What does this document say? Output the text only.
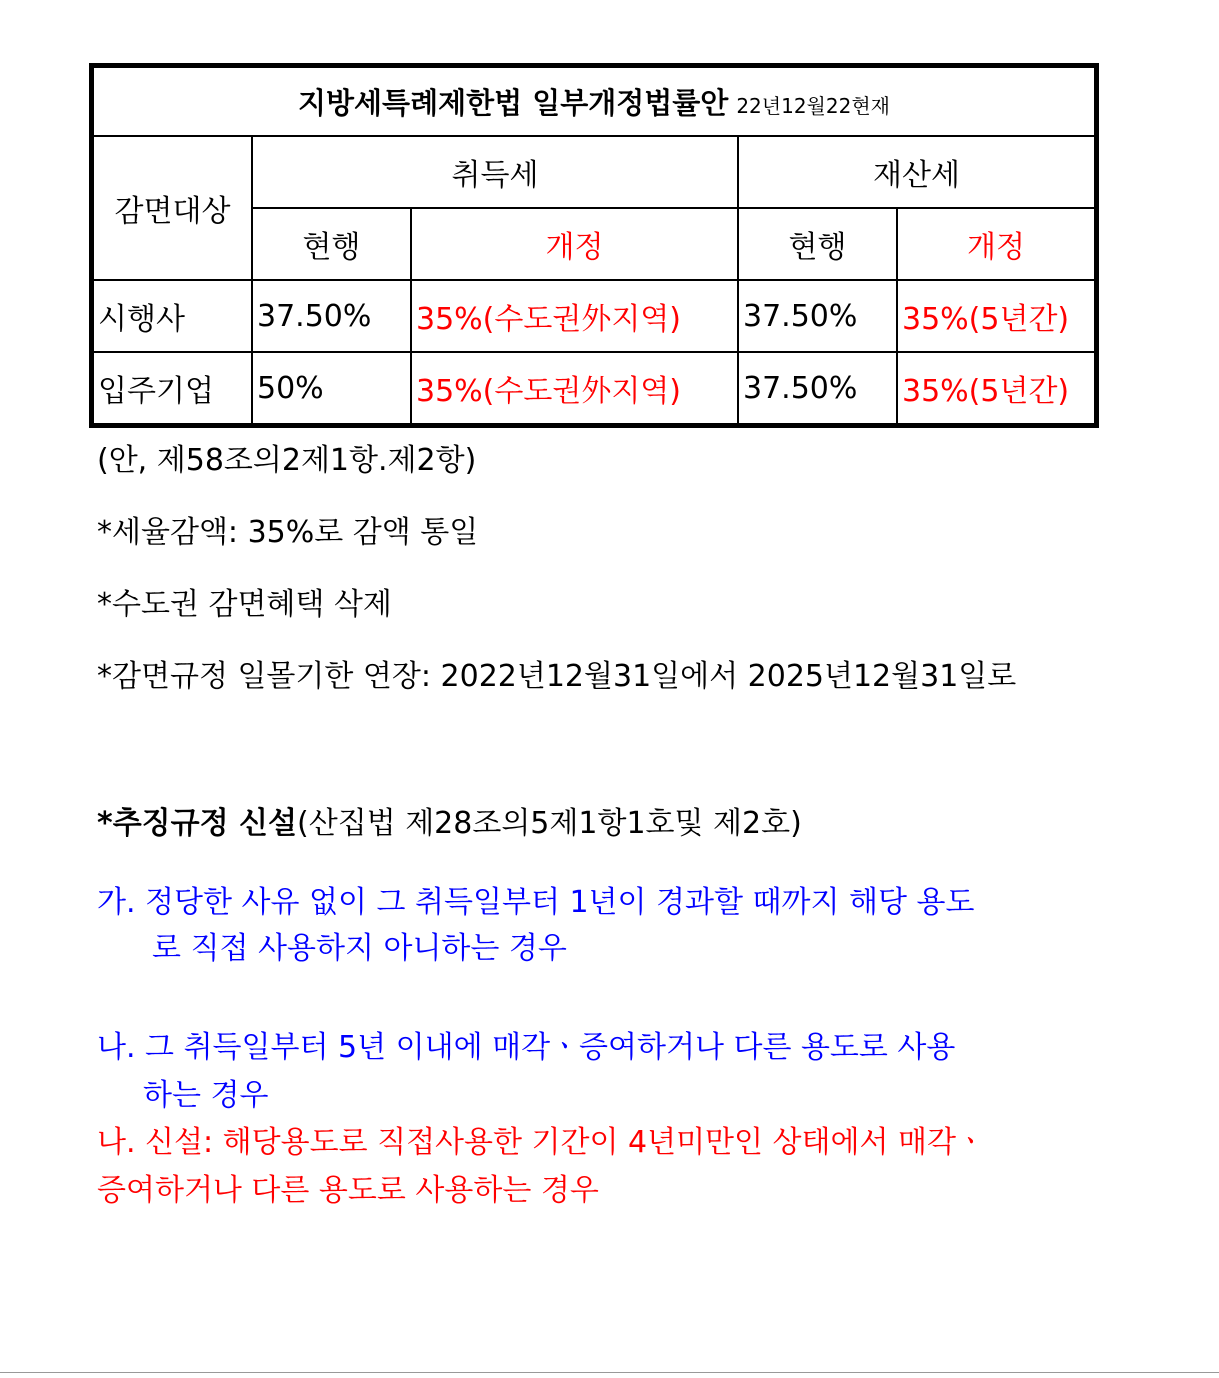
지방세특례제한법 일부개정법률안 22년12월22현재				
감면대상	취득세		재산세	
	현행	개정	현행	개정
시행사	37.50%	35%(수도권外지역)	37.50%	35%(5년간)
입주기업	50%	35%(수도권外지역)	37.50%	35%(5년간)
(안, 제58조의2제1항.제2항)
*세율감액: 35%로 감액 통일
*수도권 감면혜택 삭제
*감면규정 일몰기한 연장: 2022년12월31일에서 2025년12월31일로
*추징규정 신설(산집법 제28조의5제1항1호및 제2호)
가. 정당한 사유 없이 그 취득일부터 1년이 경과할 때까지 해당 용도
로 직접 사용하지 아니하는 경우
나. 그 취득일부터 5년 이내에 매각ㆍ증여하거나 다른 용도로 사용
하는 경우
나. 신설: 해당용도로 직접사용한 기간이 4년미만인 상태에서 매각ㆍ
증여하거나 다른 용도로 사용하는 경우
